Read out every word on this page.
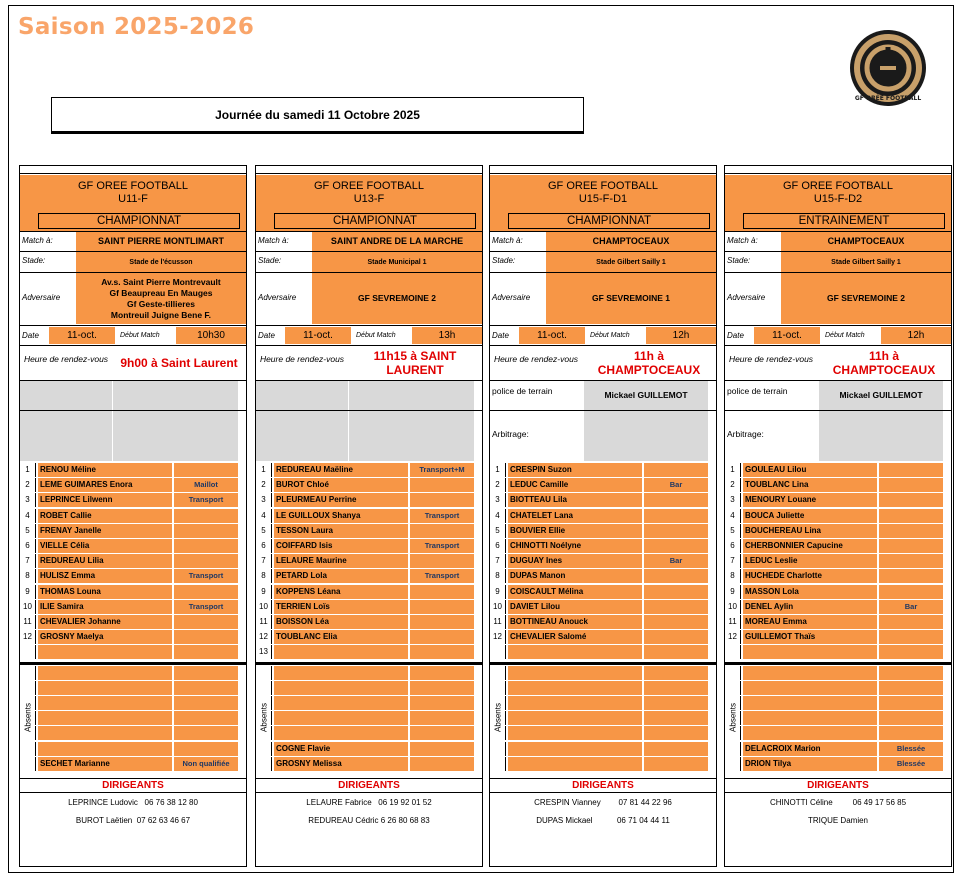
Saison 2025-2026
GF ORÉE FOOTBALL
Journée du samedi 11 Octobre 2025
GF OREE FOOTBALL
U11-F
CHAMPIONNAT
Match à:	SAINT PIERRE MONTLIMART
Stade:	Stade de l'écusson
Adversaire
Av.s. Saint Pierre Montrevault
Gf Beaupreau En Mauges
Gf Geste-tillieres
Montreuil Juigne Bene F.
Date	11-oct.	Début Match	10h30
Heure de rendez-vous	9h00 à Saint Laurent
1	RENOU Méline
2	LEME GUIMARES Enora	Maillot
3	LEPRINCE Lilwenn	Transport
4	ROBET Callie
5	FRENAY Janelle
6	VIELLE Célia
7	REDUREAU Lilia
8	HULISZ Emma	Transport
9	THOMAS Louna
10	ILIE Samira	Transport
11	CHEVALIER Johanne
12	GROSNY Maelya
SECHET Marianne	Non qualifiée
Absents
DIRIGEANTS
LEPRINCE Ludovic   06 76 38 12 80
BUROT Laëtien  07 62 63 46 67
GF OREE FOOTBALL
U13-F
CHAMPIONNAT
Match à:	SAINT ANDRE DE LA MARCHE
Stade:	Stade Municipal 1
Adversaire	GF SEVREMOINE 2
Date	11-oct.	Début Match	13h
Heure de rendez-vous	11h15 à SAINT LAURENT
1	REDUREAU Maëline	Transport+M
2	BUROT Chloé
3	PLEURMEAU Perrine
4	LE GUILLOUX Shanya	Transport
5	TESSON Laura
6	COIFFARD Isis	Transport
7	LELAURE Maurine
8	PETARD Lola	Transport
9	KOPPENS Léana
10	TERRIEN Loïs
11	BOISSON Léa
12	TOUBLANC Elia
13
COGNE Flavie
GROSNY Melissa
Absents
DIRIGEANTS
LELAURE Fabrice   06 19 92 01 52
REDUREAU Cédric 6 26 80 68 83
GF OREE FOOTBALL
U15-F-D1
CHAMPIONNAT
Match à:	CHAMPTOCEAUX
Stade:	Stade Gilbert Sailly 1
Adversaire	GF SEVREMOINE 1
Date	11-oct.	Début Match	12h
Heure de rendez-vous	11h à CHAMPTOCEAUX
police de terrain	Mickael GUILLEMOT
Arbitrage:
1	CRESPIN Suzon
2	LEDUC Camille	Bar
3	BIOTTEAU Lila
4	CHATELET Lana
5	BOUVIER Ellie
6	CHINOTTI Noélyne
7	DUGUAY Ines	Bar
8	DUPAS Manon
9	COISCAULT Mélina
10	DAVIET Lilou
11	BOTTINEAU Anouck
12	CHEVALIER Salomé
Absents
DIRIGEANTS
CRESPIN Vianney        07 81 44 22 96
DUPAS Mickael           06 71 04 44 11
GF OREE FOOTBALL
U15-F-D2
ENTRAINEMENT
Match à:	CHAMPTOCEAUX
Stade:	Stade Gilbert Sailly 1
Adversaire	GF SEVREMOINE 2
Date	11-oct.	Début Match	12h
Heure de rendez-vous	11h à CHAMPTOCEAUX
police de terrain	Mickael GUILLEMOT
Arbitrage:
1	GOULEAU Lilou
2	TOUBLANC Lina
3	MENOURY Louane
4	BOUCA Juliette
5	BOUCHEREAU Lina
6	CHERBONNIER Capucine
7	LEDUC Leslie
8	HUCHEDE Charlotte
9	MASSON Lola
10	DENEL Aylin	Bar
11	MOREAU Emma
12	GUILLEMOT Thaïs
DELACROIX Marion	Blessée
DRION Tilya	Blessée
Absents
DIRIGEANTS
CHINOTTI Céline         06 49 17 56 85
TRIQUE Damien
